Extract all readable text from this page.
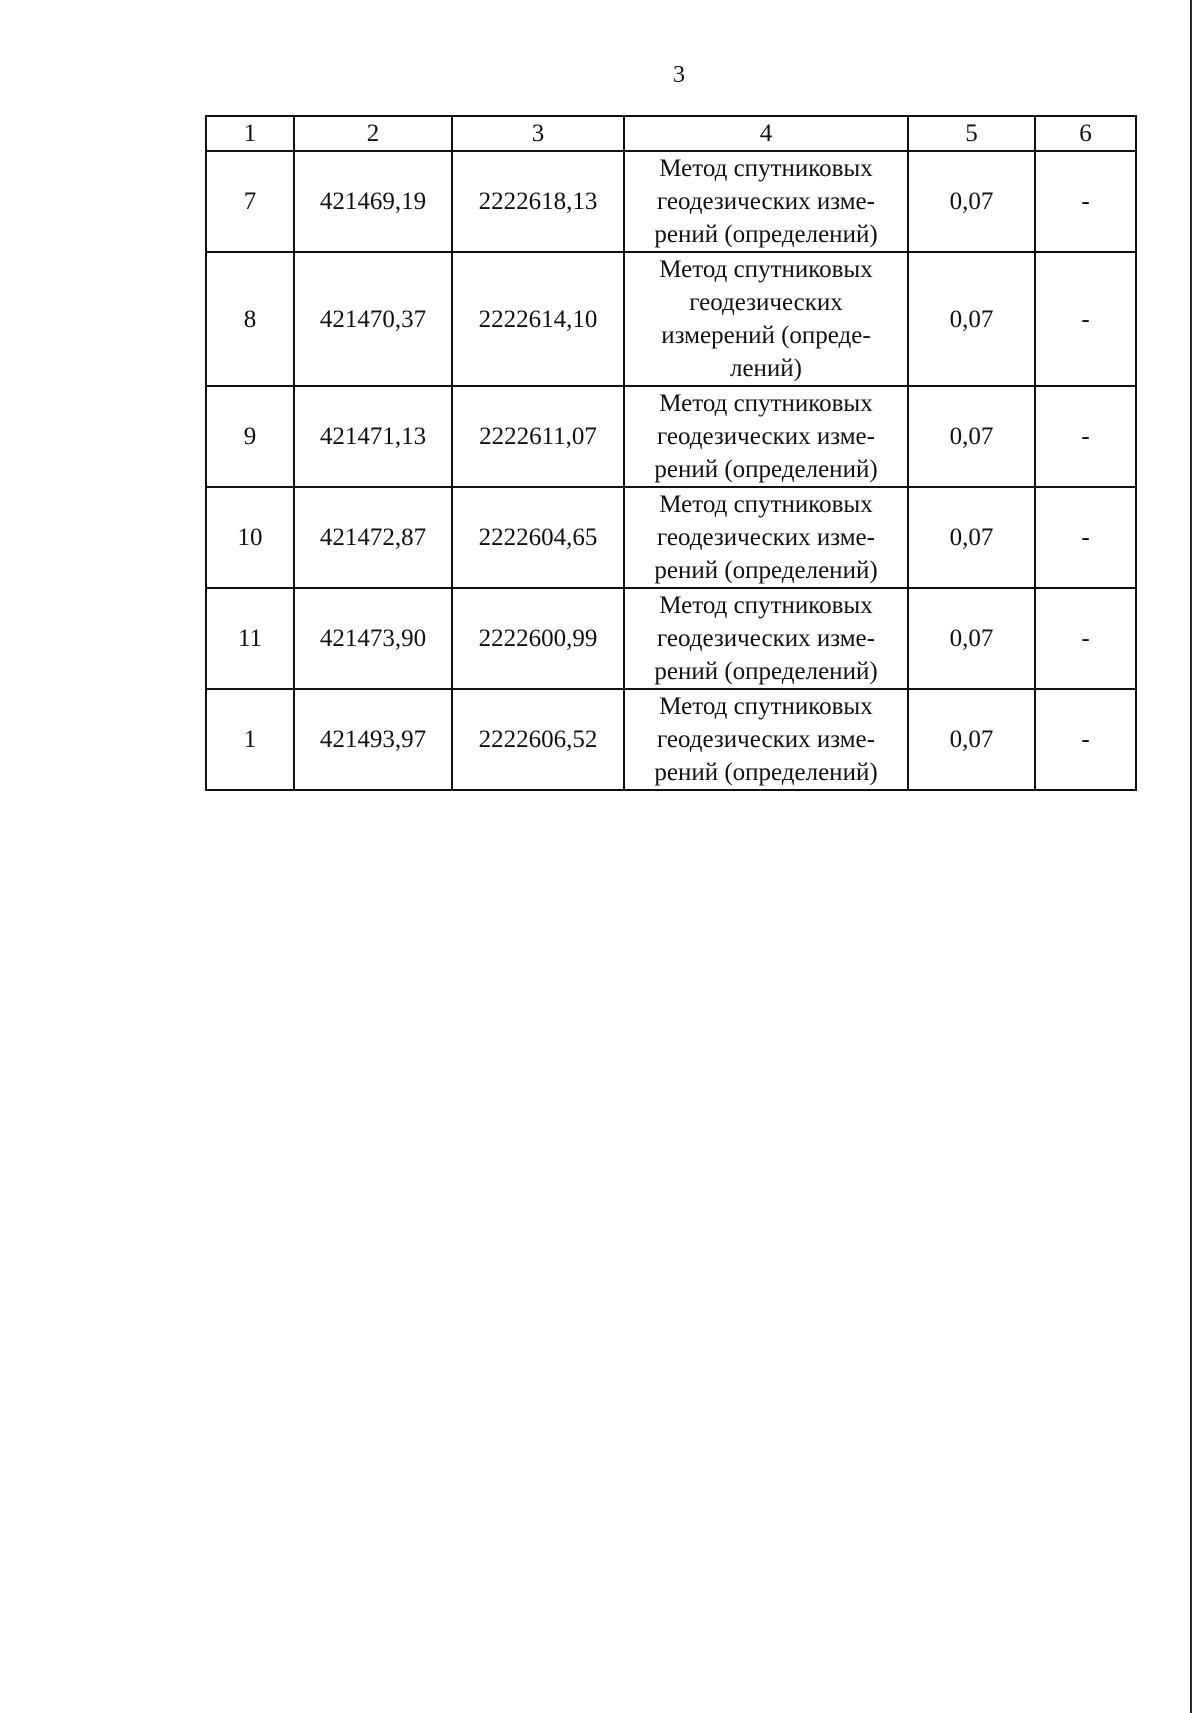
3
1	2	3	4	5	6
7	421469,19	2222618,13	Метод спутниковых
геодезических изме-
рений (определений)	0,07	-
8	421470,37	2222614,10	Метод спутниковых
геодезических
измерений (опреде-
лений)	0,07	-
9	421471,13	2222611,07	Метод спутниковых
геодезических изме-
рений (определений)	0,07	-
10	421472,87	2222604,65	Метод спутниковых
геодезических изме-
рений (определений)	0,07	-
11	421473,90	2222600,99	Метод спутниковых
геодезических изме-
рений (определений)	0,07	-
1	421493,97	2222606,52	Метод спутниковых
геодезических изме-
рений (определений)	0,07	-
